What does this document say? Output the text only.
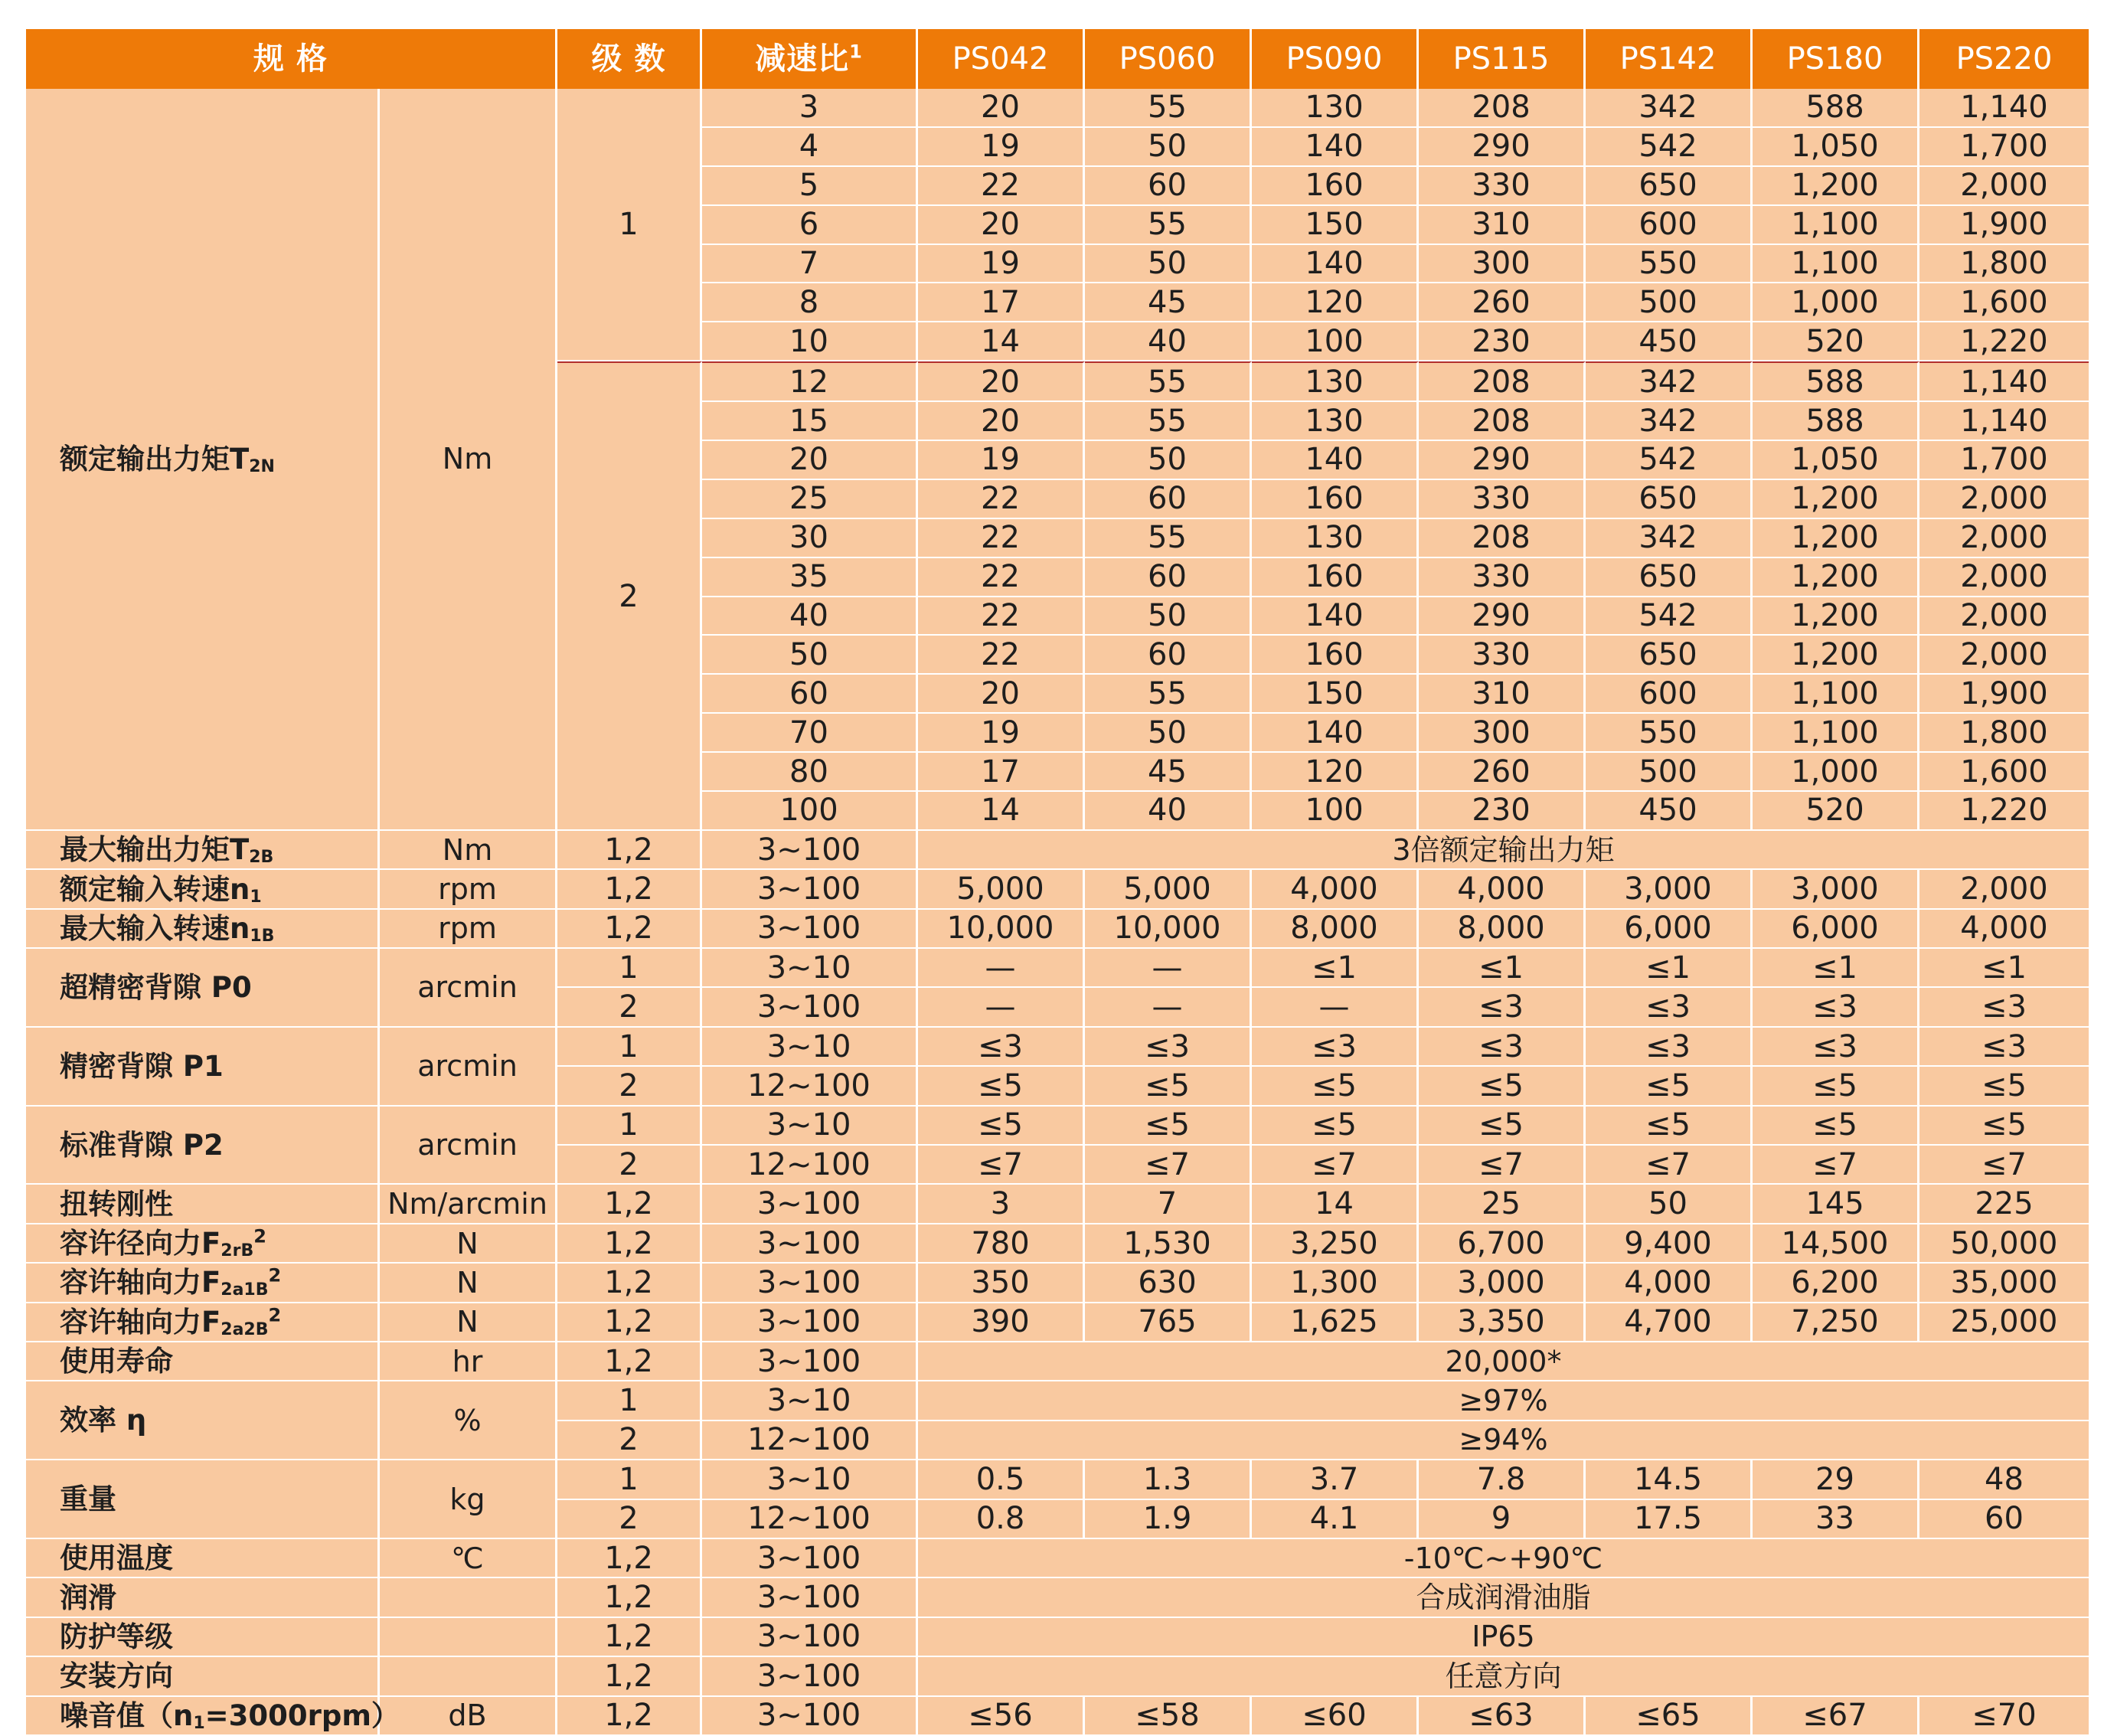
规 格		级 数	减速比$^1$	PS042	PS060	PS090	PS115	PS142	PS180	PS220
额定输出力矩$T_{2N}$	Nm	1	3	20	55	130	208	342	588	1,140
			4	19	50	140	290	542	1,050	1,700
			5	22	60	160	330	650	1,200	2,000
			6	20	55	150	310	600	1,100	1,900
			7	19	50	140	300	550	1,100	1,800
			8	17	45	120	260	500	1,000	1,600
			10	14	40	100	230	450	520	1,220
		2	12	20	55	130	208	342	588	1,140
			15	20	55	130	208	342	588	1,140
			20	19	50	140	290	542	1,050	1,700
			25	22	60	160	330	650	1,200	2,000
			30	22	55	130	208	342	1,200	2,000
			35	22	60	160	330	650	1,200	2,000
			40	22	50	140	290	542	1,200	2,000
			50	22	60	160	330	650	1,200	2,000
			60	20	55	150	310	600	1,100	1,900
			70	19	50	140	300	550	1,100	1,800
			80	17	45	120	260	500	1,000	1,600
			100	14	40	100	230	450	520	1,220
最大输出力矩$T_{2B}$	Nm	1,2	3~100	3倍额定输出力矩						
额定输入转速$n_1$	rpm	1,2	3~100	5,000	5,000	4,000	4,000	3,000	3,000	2,000
最大输入转速$n_{1B}$	rpm	1,2	3~100	10,000	10,000	8,000	8,000	6,000	6,000	4,000
超精密背隙 P0	arcmin	1	3~10	—	—	≤1	≤1	≤1	≤1	≤1
		2	3~100	—	—	—	≤3	≤3	≤3	≤3
精密背隙 P1	arcmin	1	3~10	≤3	≤3	≤3	≤3	≤3	≤3	≤3
		2	12~100	≤5	≤5	≤5	≤5	≤5	≤5	≤5
标准背隙 P2	arcmin	1	3~10	≤5	≤5	≤5	≤5	≤5	≤5	≤5
		2	12~100	≤7	≤7	≤7	≤7	≤7	≤7	≤7
扭转刚性	Nm/arcmin	1,2	3~100	3	7	14	25	50	145	225
容许径向力$F_{2rB}^2$	N	1,2	3~100	780	1,530	3,250	6,700	9,400	14,500	50,000
容许轴向力$F_{2a1B}^2$	N	1,2	3~100	350	630	1,300	3,000	4,000	6,200	35,000
容许轴向力$F_{2a2B}^2$	N	1,2	3~100	390	765	1,625	3,350	4,700	7,250	25,000
使用寿命	hr	1,2	3~100	20,000*						
效率 η	%	1	3~10	≥97%						
		2	12~100	≥94%						
重量	kg	1	3~10	0.5	1.3	3.7	7.8	14.5	29	48
		2	12~100	0.8	1.9	4.1	9	17.5	33	60
使用温度	℃	1,2	3~100	-10℃~+90℃						
润滑		1,2	3~100	合成润滑油脂						
防护等级		1,2	3~100	IP65						
安装方向		1,2	3~100	任意方向						
噪音值$(n_1=3000rpm)$	dB	1,2	3~100	≤56	≤58	≤60	≤63	≤65	≤67	≤70
